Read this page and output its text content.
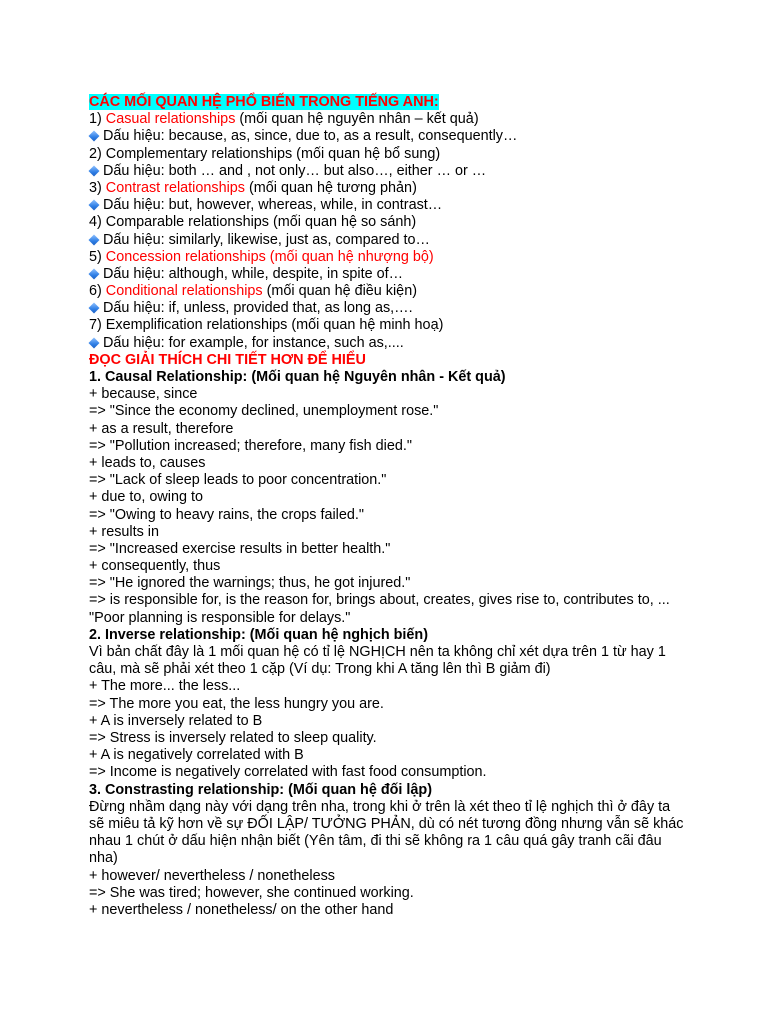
CÁC MỐI QUAN HỆ PHỔ BIẾN TRONG TIẾNG ANH:
1) Casual relationships (mối quan hệ nguyên nhân – kết quả)
Dấu hiệu: because, as, since, due to, as a result, consequently…
2) Complementary relationships (mối quan hệ bổ sung)
Dấu hiệu: both … and , not only… but also…, either … or …
3) Contrast relationships (mối quan hệ tương phản)
Dấu hiệu: but, however, whereas, while, in contrast…
4) Comparable relationships (mối quan hệ so sánh)
Dấu hiệu: similarly, likewise, just as, compared to…
5) Concession relationships (mối quan hệ nhượng bộ)
Dấu hiệu: although, while, despite, in spite of…
6) Conditional relationships (mối quan hệ điều kiện)
Dấu hiệu: if, unless, provided that, as long as,….
7) Exemplification relationships (mối quan hệ minh hoạ)
Dấu hiệu: for example, for instance, such as,....
ĐỌC GIẢI THÍCH CHI TIẾT HƠN ĐỂ HIỂU
1. Causal Relationship: (Mối quan hệ Nguyên nhân - Kết quả)
+ because, since
=> "Since the economy declined, unemployment rose."
+ as a result, therefore
=> "Pollution increased; therefore, many fish died."
+ leads to, causes
=> "Lack of sleep leads to poor concentration."
+ due to, owing to
=> "Owing to heavy rains, the crops failed."
+ results in
=> "Increased exercise results in better health."
+ consequently, thus
=> "He ignored the warnings; thus, he got injured."
=> is responsible for, is the reason for, brings about, creates, gives rise to, contributes to, ...
"Poor planning is responsible for delays."
2. Inverse relationship: (Mối quan hệ nghịch biến)
Vì bản chất đây là 1 mối quan hệ có tỉ lệ NGHỊCH nên ta không chỉ xét dựa trên 1 từ hay 1 câu, mà sẽ phải xét theo 1 cặp (Ví dụ: Trong khi A tăng lên thì B giảm đi)
+ The more... the less...
=> The more you eat, the less hungry you are.
+ A is inversely related to B
=> Stress is inversely related to sleep quality.
+ A is negatively correlated with B
=> Income is negatively correlated with fast food consumption.
3. Constrasting relationship: (Mối quan hệ đối lập)
Đừng nhầm dạng này với dạng trên nha, trong khi ở trên là xét theo tỉ lệ nghịch thì ở đây ta sẽ miêu tả kỹ hơn về sự ĐỐI LẬP/ TƯỞNG PHẢN, dù có nét tương đồng nhưng vẫn sẽ khác nhau 1 chút ở dấu hiện nhận biết (Yên tâm, đi thi sẽ không ra 1 câu quá gây tranh cãi đâu nha)
+ however/ nevertheless / nonetheless
=> She was tired; however, she continued working.
+ nevertheless / nonetheless/ on the other hand
